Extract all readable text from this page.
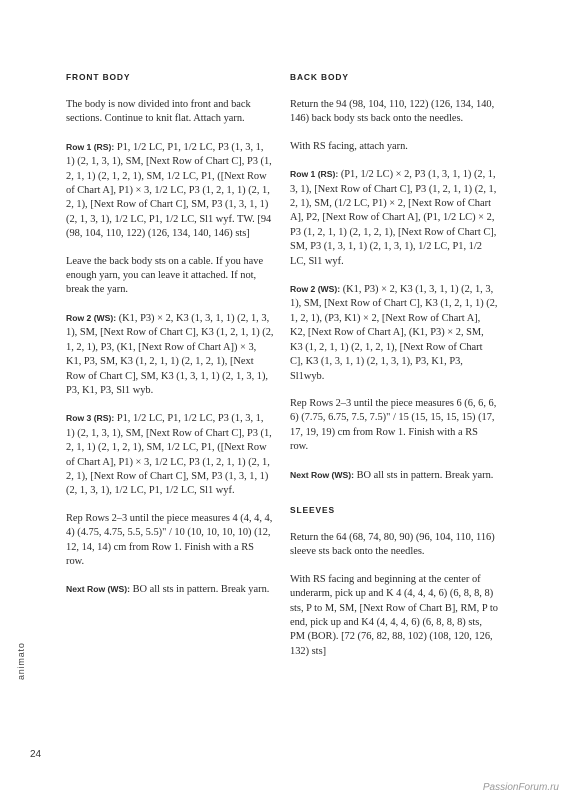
FRONT BODY

The body is now divided into front and back sections. Continue to knit flat. Attach yarn.

Row 1 (RS): P1, 1/2 LC, P1, 1/2 LC, P3 (1, 3, 1, 1) (2, 1, 3, 1), SM, [Next Row of Chart C], P3 (1, 2, 1, 1) (2, 1, 2, 1), SM, 1/2 LC, P1, ([Next Row of Chart A], P1) × 3, 1/2 LC, P3 (1, 2, 1, 1) (2, 1, 2, 1), [Next Row of Chart C], SM, P3 (1, 3, 1, 1) (2, 1, 3, 1), 1/2 LC, P1, 1/2 LC, Sl1 wyf. TW. [94 (98, 104, 110, 122) (126, 134, 140, 146) sts]

Leave the back body sts on a cable. If you have enough yarn, you can leave it attached. If not, break the yarn.

Row 2 (WS): (K1, P3) × 2, K3 (1, 3, 1, 1) (2, 1, 3, 1), SM, [Next Row of Chart C], K3 (1, 2, 1, 1) (2, 1, 2, 1), P3, (K1, [Next Row of Chart A]) × 3, K1, P3, SM, K3 (1, 2, 1, 1) (2, 1, 2, 1), [Next Row of Chart C], SM, K3 (1, 3, 1, 1) (2, 1, 3, 1), P3, K1, P3, Sl1 wyb.

Row 3 (RS): P1, 1/2 LC, P1, 1/2 LC, P3 (1, 3, 1, 1) (2, 1, 3, 1), SM, [Next Row of Chart C], P3 (1, 2, 1, 1) (2, 1, 2, 1), SM, 1/2 LC, P1, ([Next Row of Chart A], P1) × 3, 1/2 LC, P3 (1, 2, 1, 1) (2, 1, 2, 1), [Next Row of Chart C], SM, P3 (1, 3, 1, 1) (2, 1, 3, 1), 1/2 LC, P1, 1/2 LC, Sl1 wyf.

Rep Rows 2–3 until the piece measures 4 (4, 4, 4, 4) (4.75, 4.75, 5.5, 5.5)" / 10 (10, 10, 10, 10) (12, 12, 14, 14) cm from Row 1. Finish with a RS row.

Next Row (WS): BO all sts in pattern. Break yarn.

BACK BODY

Return the 94 (98, 104, 110, 122) (126, 134, 140, 146) back body sts back onto the needles.

With RS facing, attach yarn.

Row 1 (RS): (P1, 1/2 LC) × 2, P3 (1, 3, 1, 1) (2, 1, 3, 1), [Next Row of Chart C], P3 (1, 2, 1, 1) (2, 1, 2, 1), SM, (1/2 LC, P1) × 2, [Next Row of Chart A], P2, [Next Row of Chart A], (P1, 1/2 LC) × 2, P3 (1, 2, 1, 1) (2, 1, 2, 1), [Next Row of Chart C], SM, P3 (1, 3, 1, 1) (2, 1, 3, 1), 1/2 LC, P1, 1/2 LC, Sl1 wyf.

Row 2 (WS): (K1, P3) × 2, K3 (1, 3, 1, 1) (2, 1, 3, 1), SM, [Next Row of Chart C], K3 (1, 2, 1, 1) (2, 1, 2, 1), (P3, K1) × 2, [Next Row of Chart A], K2, [Next Row of Chart A], (K1, P3) × 2, SM, K3 (1, 2, 1, 1) (2, 1, 2, 1), [Next Row of Chart C], K3 (1, 3, 1, 1) (2, 1, 3, 1), P3, K1, P3, Sl1wyb.

Rep Rows 2–3 until the piece measures 6 (6, 6, 6, 6) (7.75, 6.75, 7.5, 7.5)" / 15 (15, 15, 15, 15) (17, 17, 19, 19) cm from Row 1. Finish with a RS row.

Next Row (WS): BO all sts in pattern. Break yarn.

SLEEVES

Return the 64 (68, 74, 80, 90) (96, 104, 110, 116) sleeve sts back onto the needles.

With RS facing and beginning at the center of underarm, pick up and K 4 (4, 4, 4, 6) (6, 8, 8, 8) sts, P to M, SM, [Next Row of Chart B], RM, P to end, pick up and K4 (4, 4, 4, 6) (6, 8, 8, 8) sts, PM (BOR). [72 (76, 82, 88, 102) (108, 120, 126, 132) sts]

animato
24
PassionForum.ru
